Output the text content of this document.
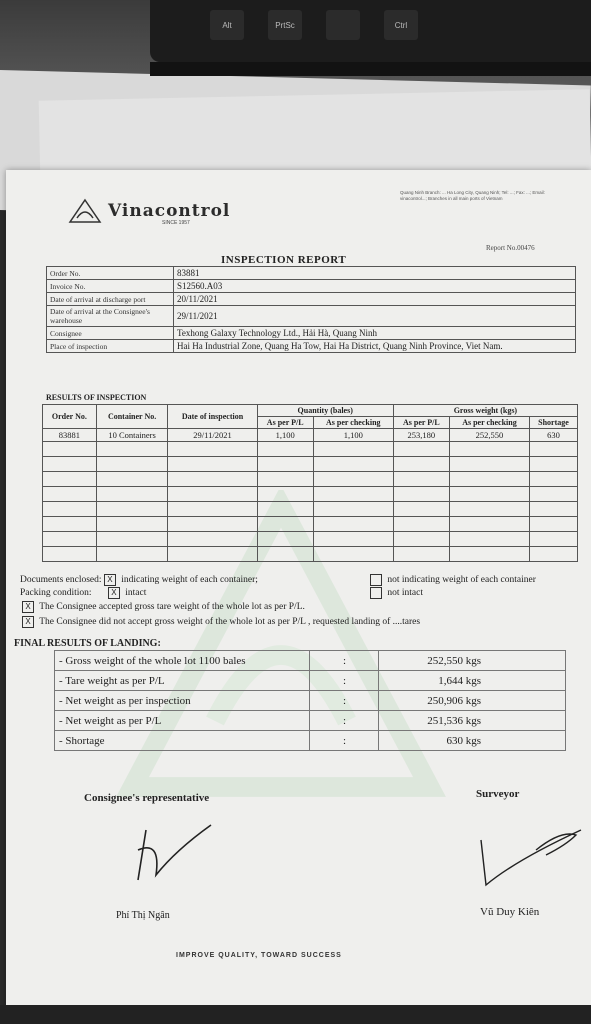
Alt	PrtSc	Ctrl
Vinacontrol
SINCE 1957
Quang Ninh Branch: ... Ha Long City, Quang Ninh; Tel: ...; Fax: ...; Email: vinacontrol...; Branches in all main ports of Vietnam
Report No.00476
INSPECTION REPORT
Order No.	83881
Invoice No.	S12560.A03
Date of arrival at discharge port	20/11/2021
Date of arrival at the Consignee's warehouse	29/11/2021
Consignee	Texhong Galaxy Technology Ltd., Hải Hà, Quang Ninh
Place of inspection	Hai Ha Industrial Zone, Quang Ha Tow, Hai Ha District, Quang Ninh Province, Viet Nam.
RESULTS OF INSPECTION
Order No.	Container No.	Date of inspection	Quantity (bales)		Gross weight (kgs)		
			As per P/L	As per checking	As per P/L	As per checking	Shortage
83881	10 Containers	29/11/2021	1,100	1,100	253,180	252,550	630

Documents enclosed: X indicating weight of each container;	not indicating weight of each container
Packing condition: X intact	not intact
X The Consignee accepted gross tare weight of the whole lot as per P/L.
X The Consignee did not accept gross weight of the whole lot as per P/L , requested landing of ....tares
FINAL RESULTS OF LANDING:
- Gross weight of the whole lot 1100 bales	:	252,550 kgs
- Tare weight as per P/L	:	1,644 kgs
- Net weight as per inspection	:	250,906 kgs
- Net weight as per P/L	:	251,536 kgs
- Shortage	:	630 kgs
Consignee's representative	Surveyor
Phí Thị Ngân	Vũ Duy Kiên
IMPROVE QUALITY, TOWARD SUCCESS
